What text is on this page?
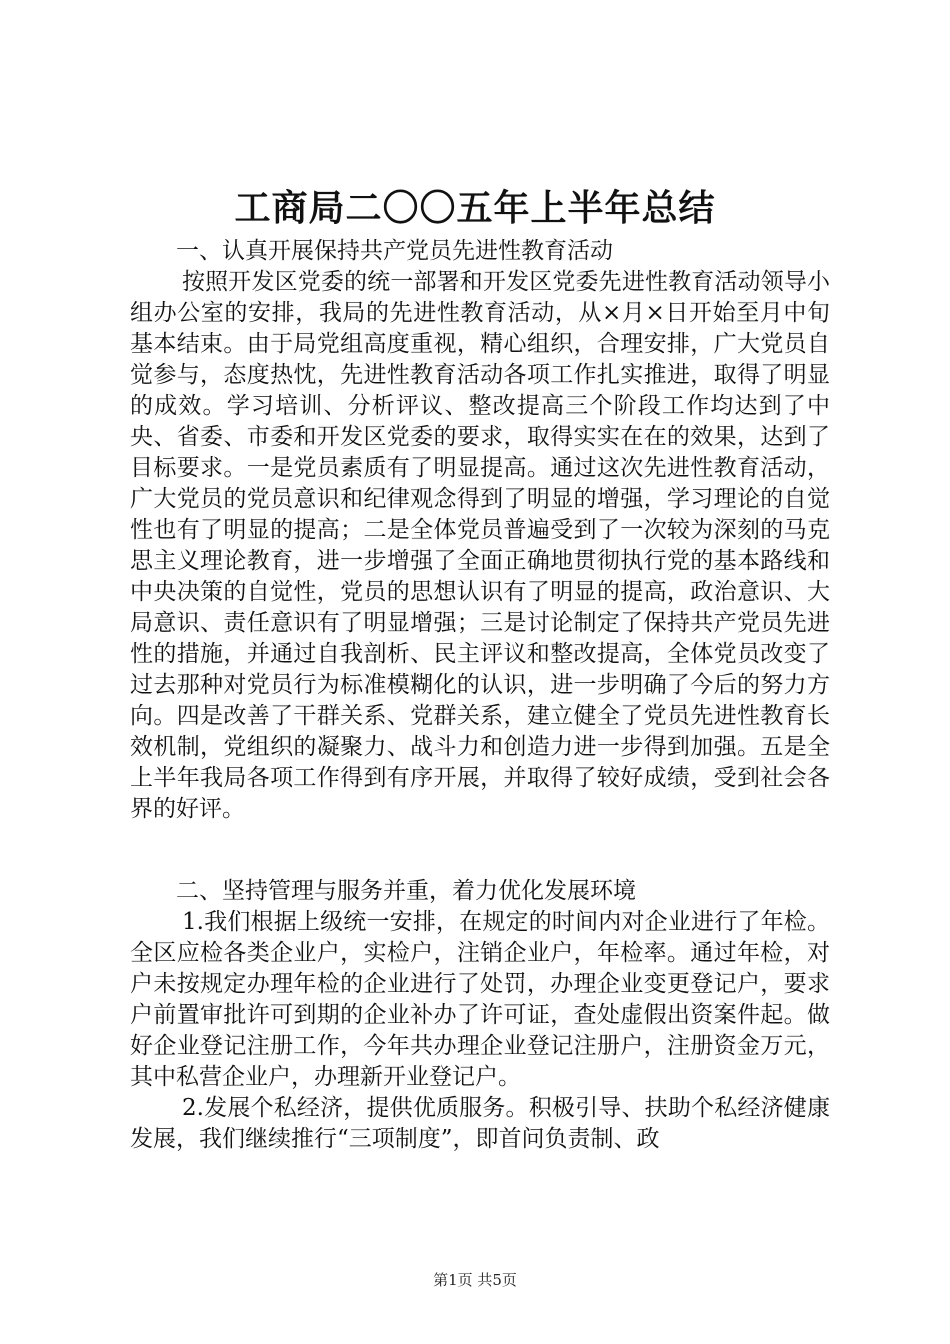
工商局二〇〇五年上半年总结

一、认真开展保持共产党员先进性教育活动

按照开发区党委的统一部署和开发区党委先进性教育活动领导小组办公室的安排，我局的先进性教育活动，从×月×日开始至月中旬基本结束。由于局党组高度重视，精心组织，合理安排，广大党员自觉参与，态度热忱，先进性教育活动各项工作扎实推进，取得了明显的成效。学习培训、分析评议、整改提高三个阶段工作均达到了中央、省委、市委和开发区党委的要求，取得实实在在的效果，达到了目标要求。一是党员素质有了明显提高。通过这次先进性教育活动，广大党员的党员意识和纪律观念得到了明显的增强，学习理论的自觉性也有了明显的提高；二是全体党员普遍受到了一次较为深刻的马克思主义理论教育，进一步增强了全面正确地贯彻执行党的基本路线和中央决策的自觉性，党员的思想认识有了明显的提高，政治意识、大局意识、责任意识有了明显增强；三是讨论制定了保持共产党员先进性的措施，并通过自我剖析、民主评议和整改提高，全体党员改变了过去那种对党员行为标准模糊化的认识，进一步明确了今后的努力方向。四是改善了干群关系、党群关系，建立健全了党员先进性教育长效机制，党组织的凝聚力、战斗力和创造力进一步得到加强。五是全上半年我局各项工作得到有序开展，并取得了较好成绩，受到社会各界的好评。

二、坚持管理与服务并重，着力优化发展环境

1.我们根据上级统一安排，在规定的时间内对企业进行了年检。全区应检各类企业户，实检户，注销企业户，年检率。通过年检，对户未按规定办理年检的企业进行了处罚，办理企业变更登记户，要求户前置审批许可到期的企业补办了许可证，查处虚假出资案件起。做好企业登记注册工作，今年共办理企业登记注册户，注册资金万元，其中私营企业户，办理新开业登记户。

2.发展个私经济，提供优质服务。积极引导、扶助个私经济健康发展，我们继续推行“三项制度”，即首问负责制、政

第1页 共5页
